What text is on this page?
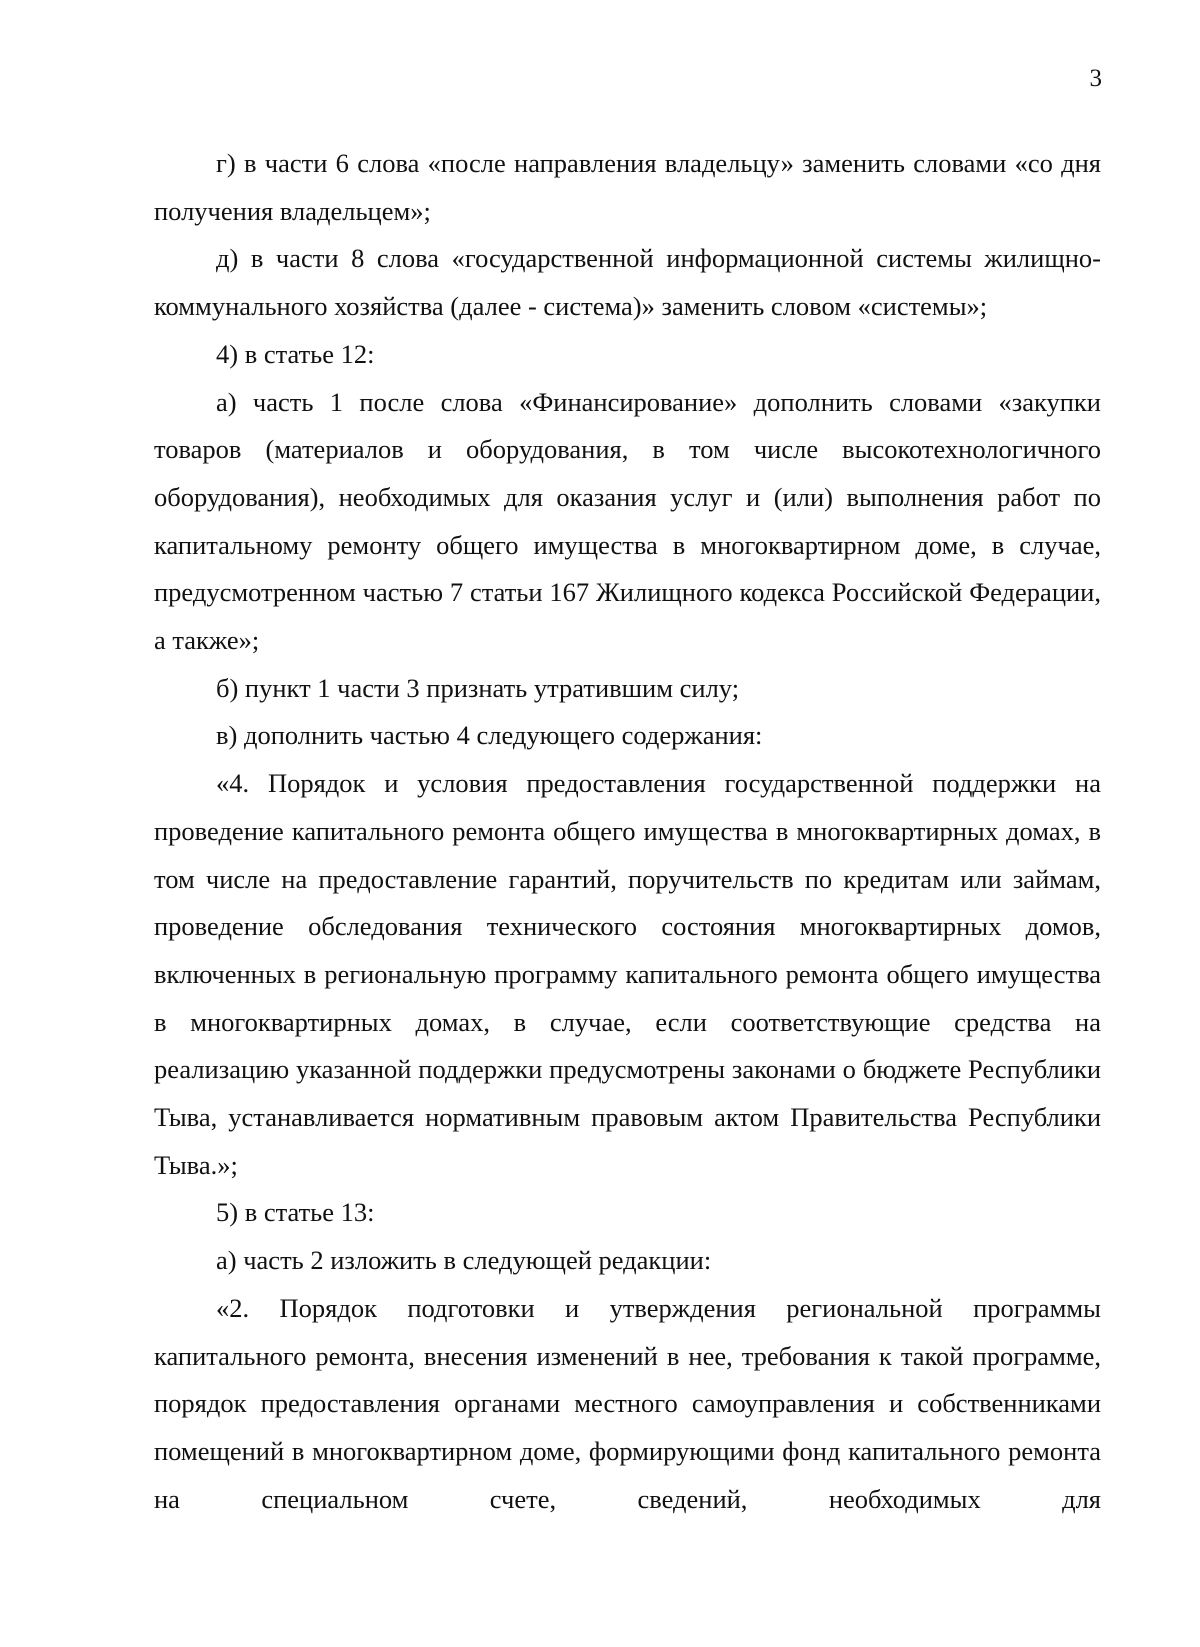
3

г) в части 6 слова «после направления владельцу» заменить словами «со дня получения владельцем»;

д) в части 8 слова «государственной информационной системы жилищно-коммунального хозяйства (далее - система)» заменить словом «системы»;

4) в статье 12:

а) часть 1 после слова «Финансирование» дополнить словами «закупки товаров (материалов и оборудования, в том числе высокотехнологичного оборудования), необходимых для оказания услуг и (или) выполнения работ по капитальному ремонту общего имущества в многоквартирном доме, в случае, предусмотренном частью 7 статьи 167 Жилищного кодекса Российской Федерации, а также»;

б) пункт 1 части 3 признать утратившим силу;

в) дополнить частью 4 следующего содержания:

«4. Порядок и условия предоставления государственной поддержки на проведение капитального ремонта общего имущества в многоквартирных домах, в том числе на предоставление гарантий, поручительств по кредитам или займам, проведение обследования технического состояния многоквартирных домов, включенных в региональную программу капитального ремонта общего имущества в многоквартирных домах, в случае, если соответствующие средства на реализацию указанной поддержки предусмотрены законами о бюджете Республики Тыва, устанавливается нормативным правовым актом Правительства Республики Тыва.»;

5) в статье 13:

а) часть 2 изложить в следующей редакции:

«2. Порядок подготовки и утверждения региональной программы капитального ремонта, внесения изменений в нее, требования к такой программе, порядок предоставления органами местного самоуправления и собственниками помещений в многоквартирном доме, формирующими фонд капитального ремонта на специальном счете, сведений, необходимых для
